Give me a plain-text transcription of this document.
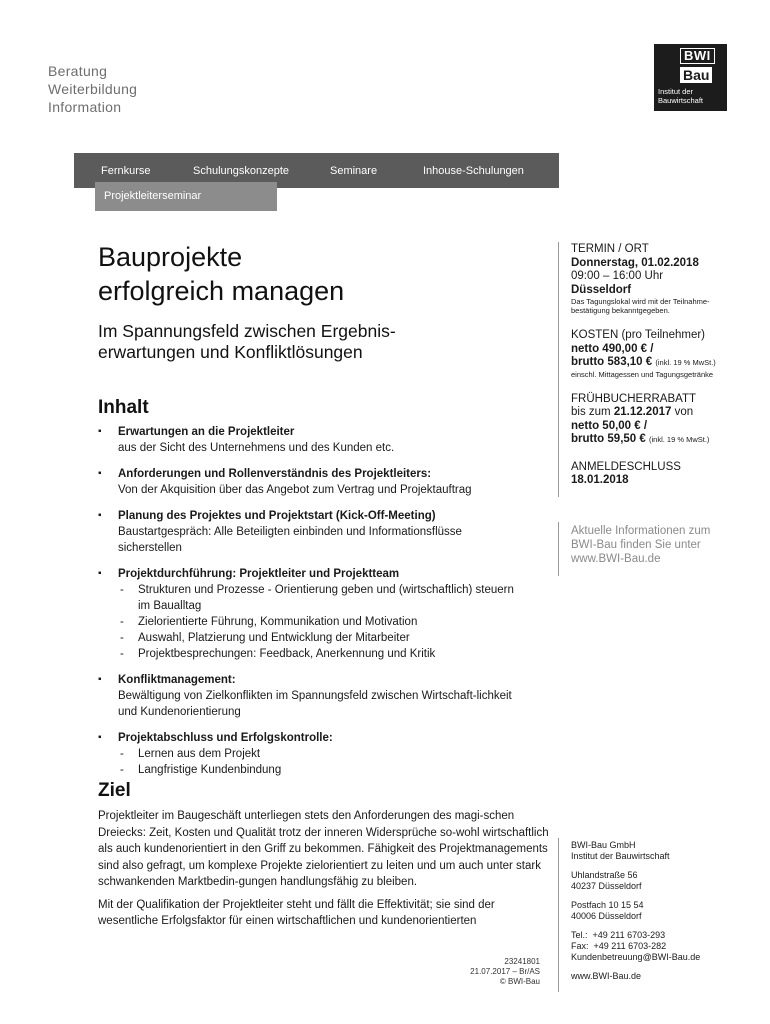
Beratung
Weiterbildung
Information
BWI
Bau
Institut der
Bauwirtschaft
Fernkurse	Schulungskonzepte	Seminare	Inhouse-Schulungen
Projektleiterseminar
Bauprojekte
erfolgreich managen
Im Spannungsfeld zwischen Ergebnis-
erwartungen und Konfliktlösungen
Inhalt
▪ Erwartungen an die Projektleiter
aus der Sicht des Unternehmens und des Kunden etc.
▪ Anforderungen und Rollenverständnis des Projektleiters:
Von der Akquisition über das Angebot zum Vertrag und Projektauftrag
▪ Planung des Projektes und Projektstart (Kick-Off-Meeting)
Baustartgespräch: Alle Beteiligten einbinden und Informationsflüsse sicherstellen
▪ Projektdurchführung: Projektleiter und Projektteam
- Strukturen und Prozesse - Orientierung geben und (wirtschaftlich) steuern im Baualltag
- Zielorientierte Führung, Kommunikation und Motivation
- Auswahl, Platzierung und Entwicklung der Mitarbeiter
- Projektbesprechungen: Feedback, Anerkennung und Kritik
▪ Konfliktmanagement:
Bewältigung von Zielkonflikten im Spannungsfeld zwischen Wirtschaft-lichkeit und Kundenorientierung
▪ Projektabschluss und Erfolgskontrolle:
- Lernen aus dem Projekt
- Langfristige Kundenbindung
Ziel

Projektleiter im Baugeschäft unterliegen stets den Anforderungen des magi-schen Dreiecks: Zeit, Kosten und Qualität trotz der inneren Widersprüche so-wohl wirtschaftlich als auch kundenorientiert in den Griff zu bekommen. Fähigkeit des Projektmanagements sind also gefragt, um komplexe Projekte zielorientiert zu leiten und um auch unter stark schwankenden Marktbedin-gungen handlungsfähig zu bleiben.

Mit der Qualifikation der Projektleiter steht und fällt die Effektivität; sie sind der wesentliche Erfolgsfaktor für einen wirtschaftlichen und kundenorientierten

23241801
21.07.2017 – Br/AS
© BWI-Bau
TERMIN / ORT
Donnerstag, 01.02.2018
09:00 – 16:00 Uhr
Düsseldorf
Das Tagungslokal wird mit der Teilnahme-
bestätigung bekanntgegeben.
KOSTEN (pro Teilnehmer)
netto 490,00 € /
brutto 583,10 € (inkl. 19 % MwSt.)
einschl. Mittagessen und Tagungsgetränke
FRÜHBUCHERRABATT
bis zum 21.12.2017 von
netto 50,00 € /
brutto 59,50 € (inkl. 19 % MwSt.)
ANMELDESCHLUSS
18.01.2018
Aktuelle Informationen zum
BWI-Bau finden Sie unter
www.BWI-Bau.de
BWI-Bau GmbH
Institut der Bauwirtschaft
Uhlandstraße 56
40237 Düsseldorf
Postfach 10 15 54
40006 Düsseldorf
Tel.:  +49 211 6703-293
Fax:  +49 211 6703-282
Kundenbetreuung@BWI-Bau.de
www.BWI-Bau.de
